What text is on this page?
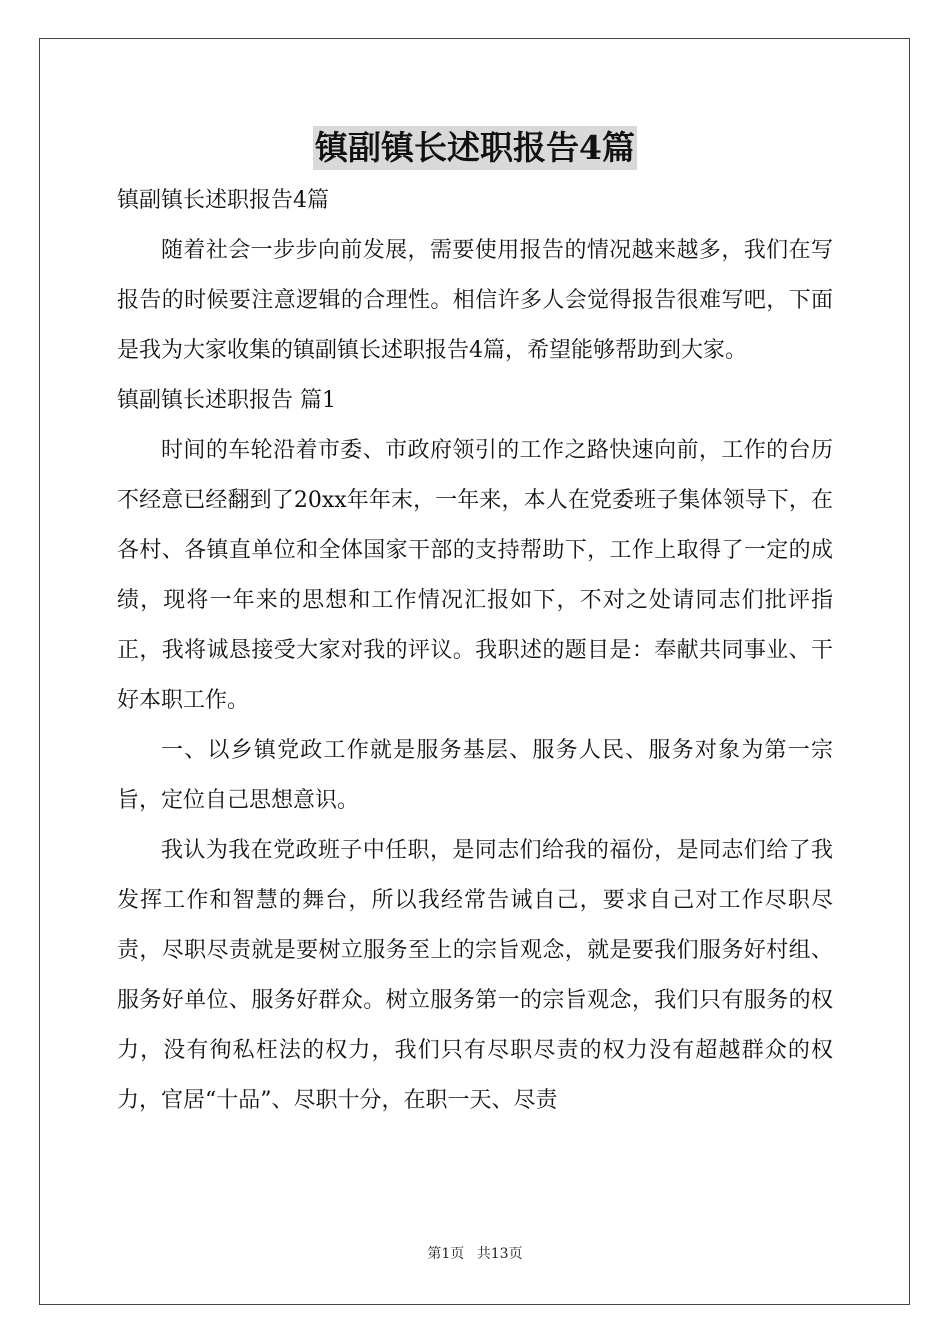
镇副镇长述职报告4篇

镇副镇长述职报告4篇

随着社会一步步向前发展，需要使用报告的情况越来越多，我们在写报告的时候要注意逻辑的合理性。相信许多人会觉得报告很难写吧，下面是我为大家收集的镇副镇长述职报告4篇，希望能够帮助到大家。

镇副镇长述职报告 篇1

时间的车轮沿着市委、市政府领引的工作之路快速向前，工作的台历不经意已经翻到了20xx年年末，一年来，本人在党委班子集体领导下，在各村、各镇直单位和全体国家干部的支持帮助下，工作上取得了一定的成绩，现将一年来的思想和工作情况汇报如下，不对之处请同志们批评指正，我将诚恳接受大家对我的评议。我职述的题目是：奉献共同事业、干好本职工作。

一、以乡镇党政工作就是服务基层、服务人民、服务对象为第一宗旨，定位自己思想意识。

我认为我在党政班子中任职，是同志们给我的福份，是同志们给了我发挥工作和智慧的舞台，所以我经常告诫自己，要求自己对工作尽职尽责，尽职尽责就是要树立服务至上的宗旨观念，就是要我们服务好村组、服务好单位、服务好群众。树立服务第一的宗旨观念，我们只有服务的权力，没有徇私枉法的权力，我们只有尽职尽责的权力没有超越群众的权力，官居“十品”、尽职十分，在职一天、尽责

第1页 共13页
